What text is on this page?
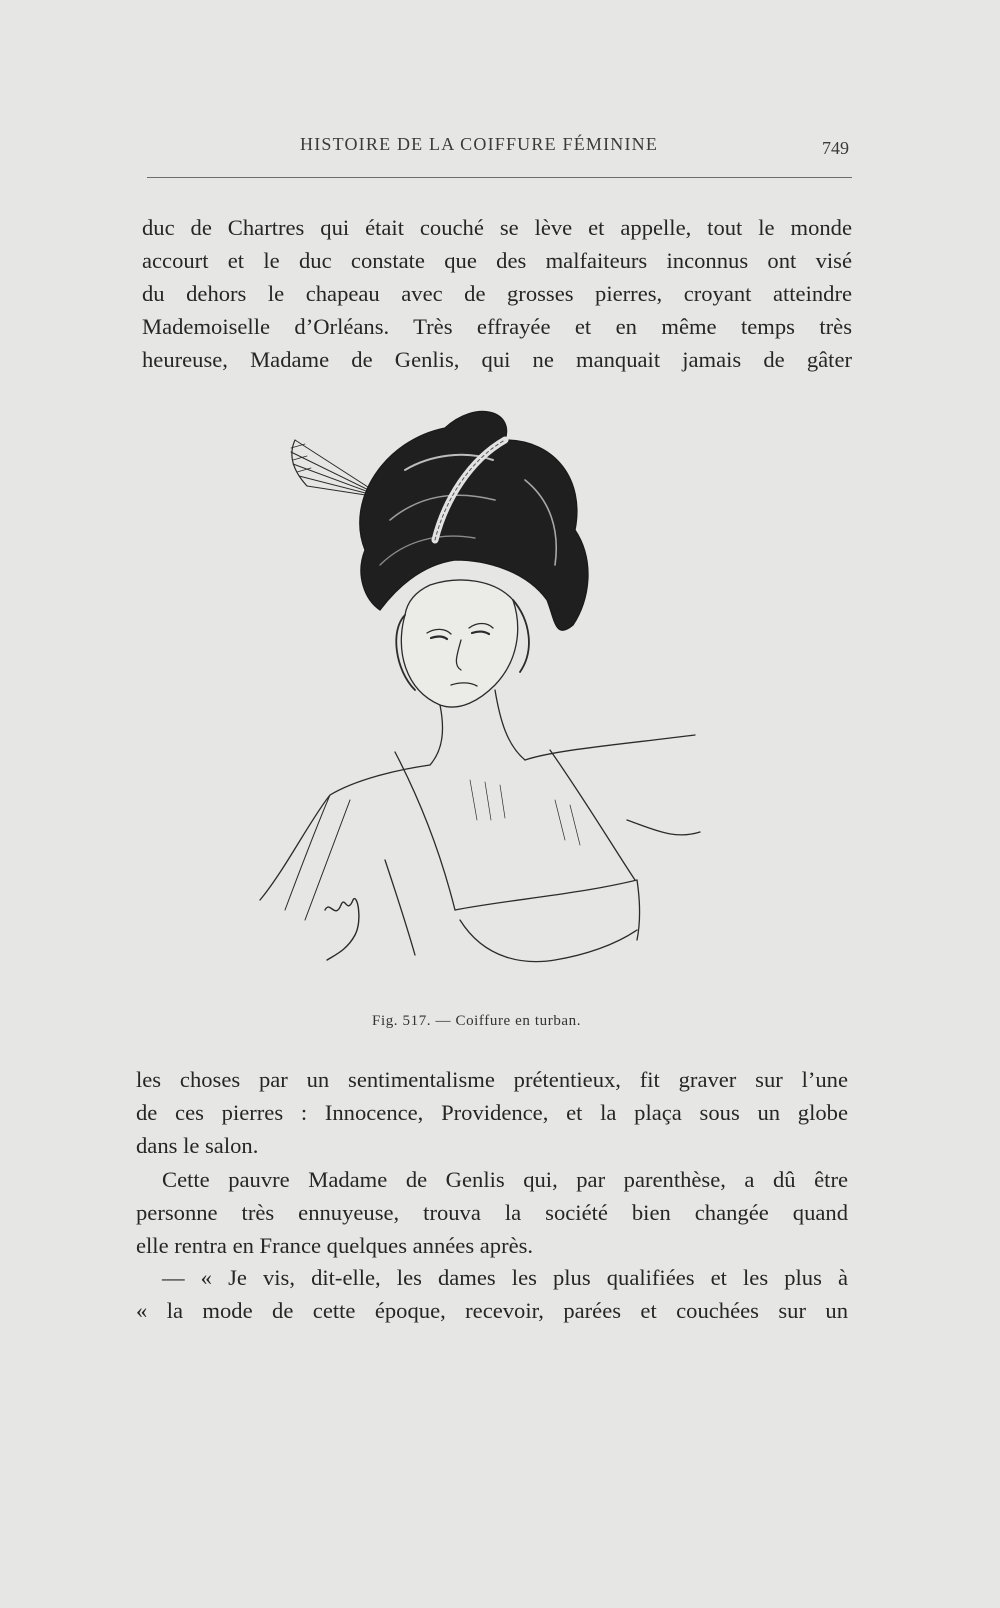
HISTOIRE DE LA COIFFURE FÉMININE	749

duc de Chartres qui était couché se lève et appelle, tout le monde
accourt et le duc constate que des malfaiteurs inconnus ont visé
du dehors le chapeau avec de grosses pierres, croyant atteindre
Mademoiselle d’Orléans. Très effrayée et en même temps très
heureuse, Madame de Genlis, qui ne manquait jamais de gâter

Fig. 517. — Coiffure en turban.

les choses par un sentimentalisme prétentieux, fit graver sur l’une
de ces pierres : Innocence, Providence, et la plaça sous un globe
dans le salon.

Cette pauvre Madame de Genlis qui, par parenthèse, a dû être
personne très ennuyeuse, trouva la société bien changée quand
elle rentra en France quelques années après.

— « Je vis, dit-elle, les dames les plus qualifiées et les plus à
« la mode de cette époque, recevoir, parées et couchées sur un
